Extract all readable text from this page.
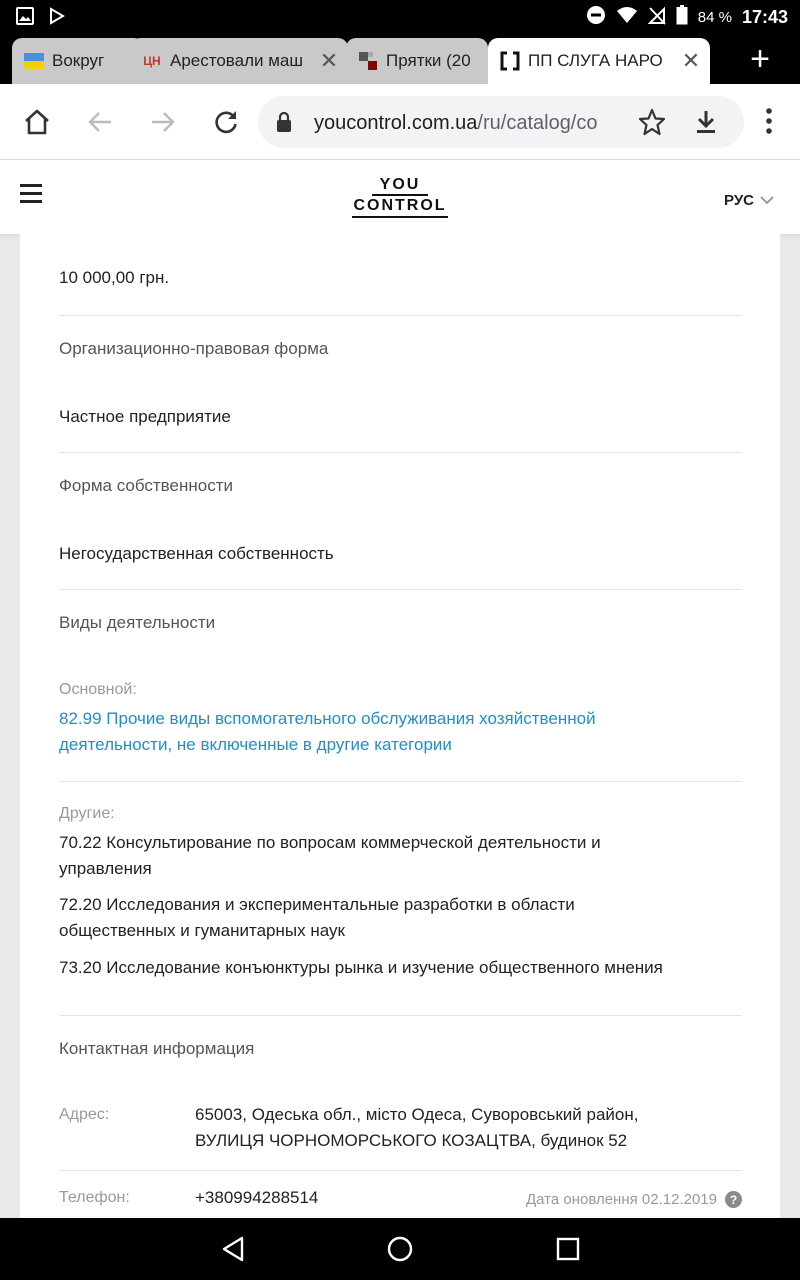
84 % 17:43
Вокруг	ЦН Арестовали маш ✕	Прятки (20	ПП СЛУГА НАРО ✕ +
youcontrol.com.ua/ru/catalog/co
YOU
CONTROL	РУС
10 000,00 грн.
Организационно-правовая форма
Частное предприятие
Форма собственности
Негосударственная собственность
Виды деятельности
Основной:
82.99 Прочие виды вспомогательного обслуживания хозяйственной
деятельности, не включенные в другие категории
Другие:
70.22 Консультирование по вопросам коммерческой деятельности и
управления
72.20 Исследования и экспериментальные разработки в области
общественных и гуманитарных наук
73.20 Исследование конъюнктуры рынка и изучение общественного мнения
Контактная информация
Адрес:	65003, Одеська обл., місто Одеса, Суворовський район,
ВУЛИЦЯ ЧОРНОМОРСЬКОГО КОЗАЦТВА, будинок 52
Телефон:	+380994288514	Дата оновлення 02.12.2019	?
